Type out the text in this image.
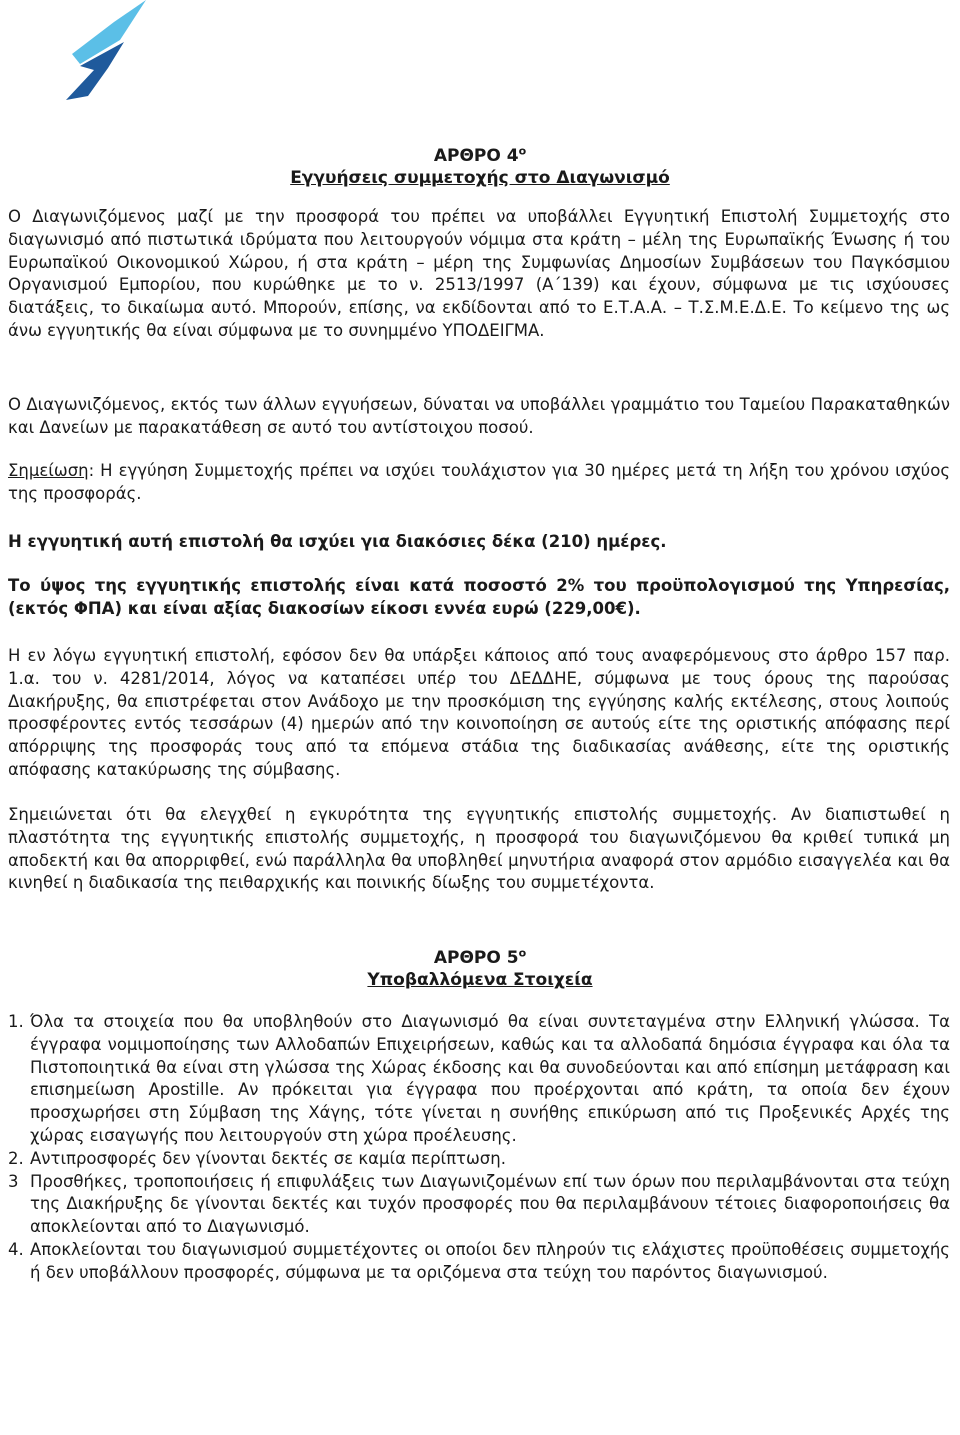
ΑΡΘΡΟ $4^o$
Εγγυήσεις συμμετοχής στο Διαγωνισμό

Ο Διαγωνιζόμενος μαζί με την προσφορά του πρέπει να υποβάλλει Εγγυητική Επιστολή Συμμετοχής στο διαγωνισμό από πιστωτικά ιδρύματα που λειτουργούν νόμιμα στα κράτη – μέλη της Ευρωπαϊκής Ένωσης ή του Ευρωπαϊκού Οικονομικού Χώρου, ή στα κράτη – μέρη της Συμφωνίας Δημοσίων Συμβάσεων του Παγκόσμιου Οργανισμού Εμπορίου, που κυρώθηκε με το ν. 2513/1997 (Α΄139) και έχουν, σύμφωνα με τις ισχύουσες διατάξεις, το δικαίωμα αυτό. Μπορούν, επίσης, να εκδίδονται από το Ε.Τ.Α.Α. – Τ.Σ.Μ.Ε.Δ.Ε. Το κείμενο της ως άνω εγγυητικής θα είναι σύμφωνα με το συνημμένο ΥΠΟΔΕΙΓΜΑ.

Ο Διαγωνιζόμενος, εκτός των άλλων εγγυήσεων, δύναται να υποβάλλει γραμμάτιο του Ταμείου Παρακαταθηκών και Δανείων με παρακατάθεση σε αυτό του αντίστοιχου ποσού.

Σημείωση: Η εγγύηση Συμμετοχής πρέπει να ισχύει τουλάχιστον για 30 ημέρες μετά τη λήξη του χρόνου ισχύος της προσφοράς.

Η εγγυητική αυτή επιστολή θα ισχύει για διακόσιες δέκα (210) ημέρες.

Το ύψος της εγγυητικής επιστολής είναι κατά ποσοστό 2% του προϋπολογισμού της Υπηρεσίας, (εκτός ΦΠΑ) και είναι αξίας διακοσίων είκοσι εννέα ευρώ (229,00€).

Η εν λόγω εγγυητική επιστολή, εφόσον δεν θα υπάρξει κάποιος από τους αναφερόμενους στο άρθρο 157 παρ. 1.α. του ν. 4281/2014, λόγος να καταπέσει υπέρ του ΔΕΔΔΗΕ, σύμφωνα με τους όρους της παρούσας Διακήρυξης, θα επιστρέφεται στον Ανάδοχο με την προσκόμιση της εγγύησης καλής εκτέλεσης, στους λοιπούς προσφέροντες εντός τεσσάρων (4) ημερών από την κοινοποίηση σε αυτούς είτε της οριστικής απόφασης περί απόρριψης της προσφοράς τους από τα επόμενα στάδια της διαδικασίας ανάθεσης, είτε της οριστικής απόφασης κατακύρωσης της σύμβασης.

Σημειώνεται ότι θα ελεγχθεί η εγκυρότητα της εγγυητικής επιστολής συμμετοχής. Αν διαπιστωθεί η πλαστότητα της εγγυητικής επιστολής συμμετοχής, η προσφορά του διαγωνιζόμενου θα κριθεί τυπικά μη αποδεκτή και θα απορριφθεί, ενώ παράλληλα θα υποβληθεί μηνυτήρια αναφορά στον αρμόδιο εισαγγελέα και θα κινηθεί η διαδικασία της πειθαρχικής και ποινικής δίωξης του συμμετέχοντα.

ΑΡΘΡΟ $5^o$
Υποβαλλόμενα Στοιχεία
1. Όλα τα στοιχεία που θα υποβληθούν στο Διαγωνισμό θα είναι συντεταγμένα στην Ελληνική γλώσσα. Τα έγγραφα νομιμοποίησης των Αλλοδαπών Επιχειρήσεων, καθώς και τα αλλοδαπά δημόσια έγγραφα και όλα τα Πιστοποιητικά θα είναι στη γλώσσα της Χώρας έκδοσης και θα συνοδεύονται και από επίσημη μετάφραση και επισημείωση Apostille. Αν πρόκειται για έγγραφα που προέρχονται από κράτη, τα οποία δεν έχουν προσχωρήσει στη Σύμβαση της Χάγης, τότε γίνεται η συνήθης επικύρωση από τις Προξενικές Αρχές της χώρας εισαγωγής που λειτουργούν στη χώρα προέλευσης.
2. Αντιπροσφορές δεν γίνονται δεκτές σε καμία περίπτωση.
3 Προσθήκες, τροποποιήσεις ή επιφυλάξεις των Διαγωνιζομένων επί των όρων που περιλαμβάνονται στα τεύχη της Διακήρυξης δε γίνονται δεκτές και τυχόν προσφορές που θα περιλαμβάνουν τέτοιες διαφοροποιήσεις θα αποκλείονται από το Διαγωνισμό.
4. Αποκλείονται του διαγωνισμού συμμετέχοντες οι οποίοι δεν πληρούν τις ελάχιστες προϋποθέσεις συμμετοχής ή δεν υποβάλλουν προσφορές, σύμφωνα με τα οριζόμενα στα τεύχη του παρόντος διαγωνισμού.
